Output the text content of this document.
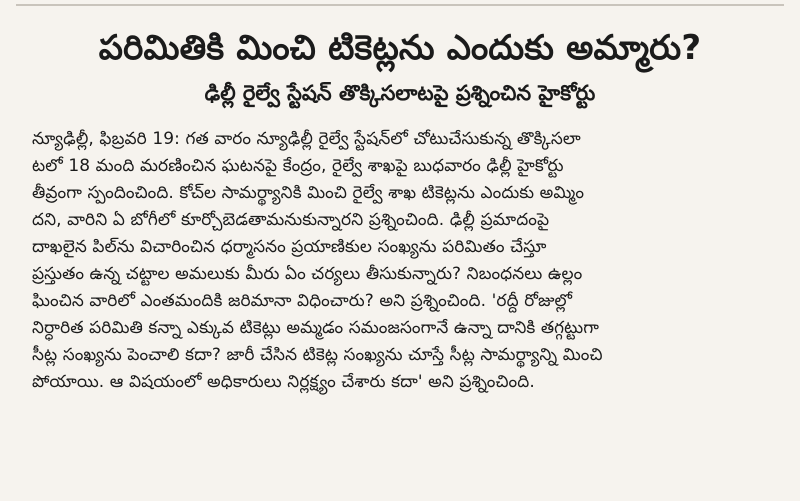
పరిమితికి మించి టికెట్లను ఎందుకు అమ్మారు?
ఢిల్లీ రైల్వే స్టేషన్ తొక్కిసలాటపై ప్రశ్నించిన హైకోర్టు
న్యూఢిల్లీ, ఫిబ్రవరి 19: గత వారం న్యూఢిల్లీ రైల్వే స్టేషన్‌లో చోటుచేసుకున్న తొక్కిసలా
టలో 18 మంది మరణించిన ఘటనపై కేంద్రం, రైల్వే శాఖపై బుధవారం ఢిల్లీ హైకోర్టు
తీవ్రంగా స్పందించింది. కోచ్‌ల సామర్థ్యానికి మించి రైల్వే శాఖ టికెట్లను ఎందుకు అమ్మిం
దని, వారిని ఏ బోగీలో కూర్చోబెడతామనుకున్నారని ప్రశ్నించింది. ఢిల్లీ ప్రమాదంపై
దాఖలైన పిల్‌ను విచారించిన ధర్మాసనం ప్రయాణికుల సంఖ్యను పరిమితం చేస్తూ
ప్రస్తుతం ఉన్న చట్టాల అమలుకు మీరు ఏం చర్యలు తీసుకున్నారు? నిబంధనలు ఉల్లం
ఘించిన వారిలో ఎంతమందికి జరిమానా విధించారు? అని ప్రశ్నించింది. 'రద్దీ రోజుల్లో
నిర్ధారిత పరిమితి కన్నా ఎక్కువ టికెట్లు అమ్మడం సమంజసంగానే ఉన్నా దానికి తగ్గట్టుగా
సీట్ల సంఖ్యను పెంచాలి కదా? జారీ చేసిన టికెట్ల సంఖ్యను చూస్తే సీట్ల సామర్థ్యాన్ని మించి
పోయాయి. ఆ విషయంలో అధికారులు నిర్లక్ష్యం చేశారు కదా' అని ప్రశ్నించింది.
